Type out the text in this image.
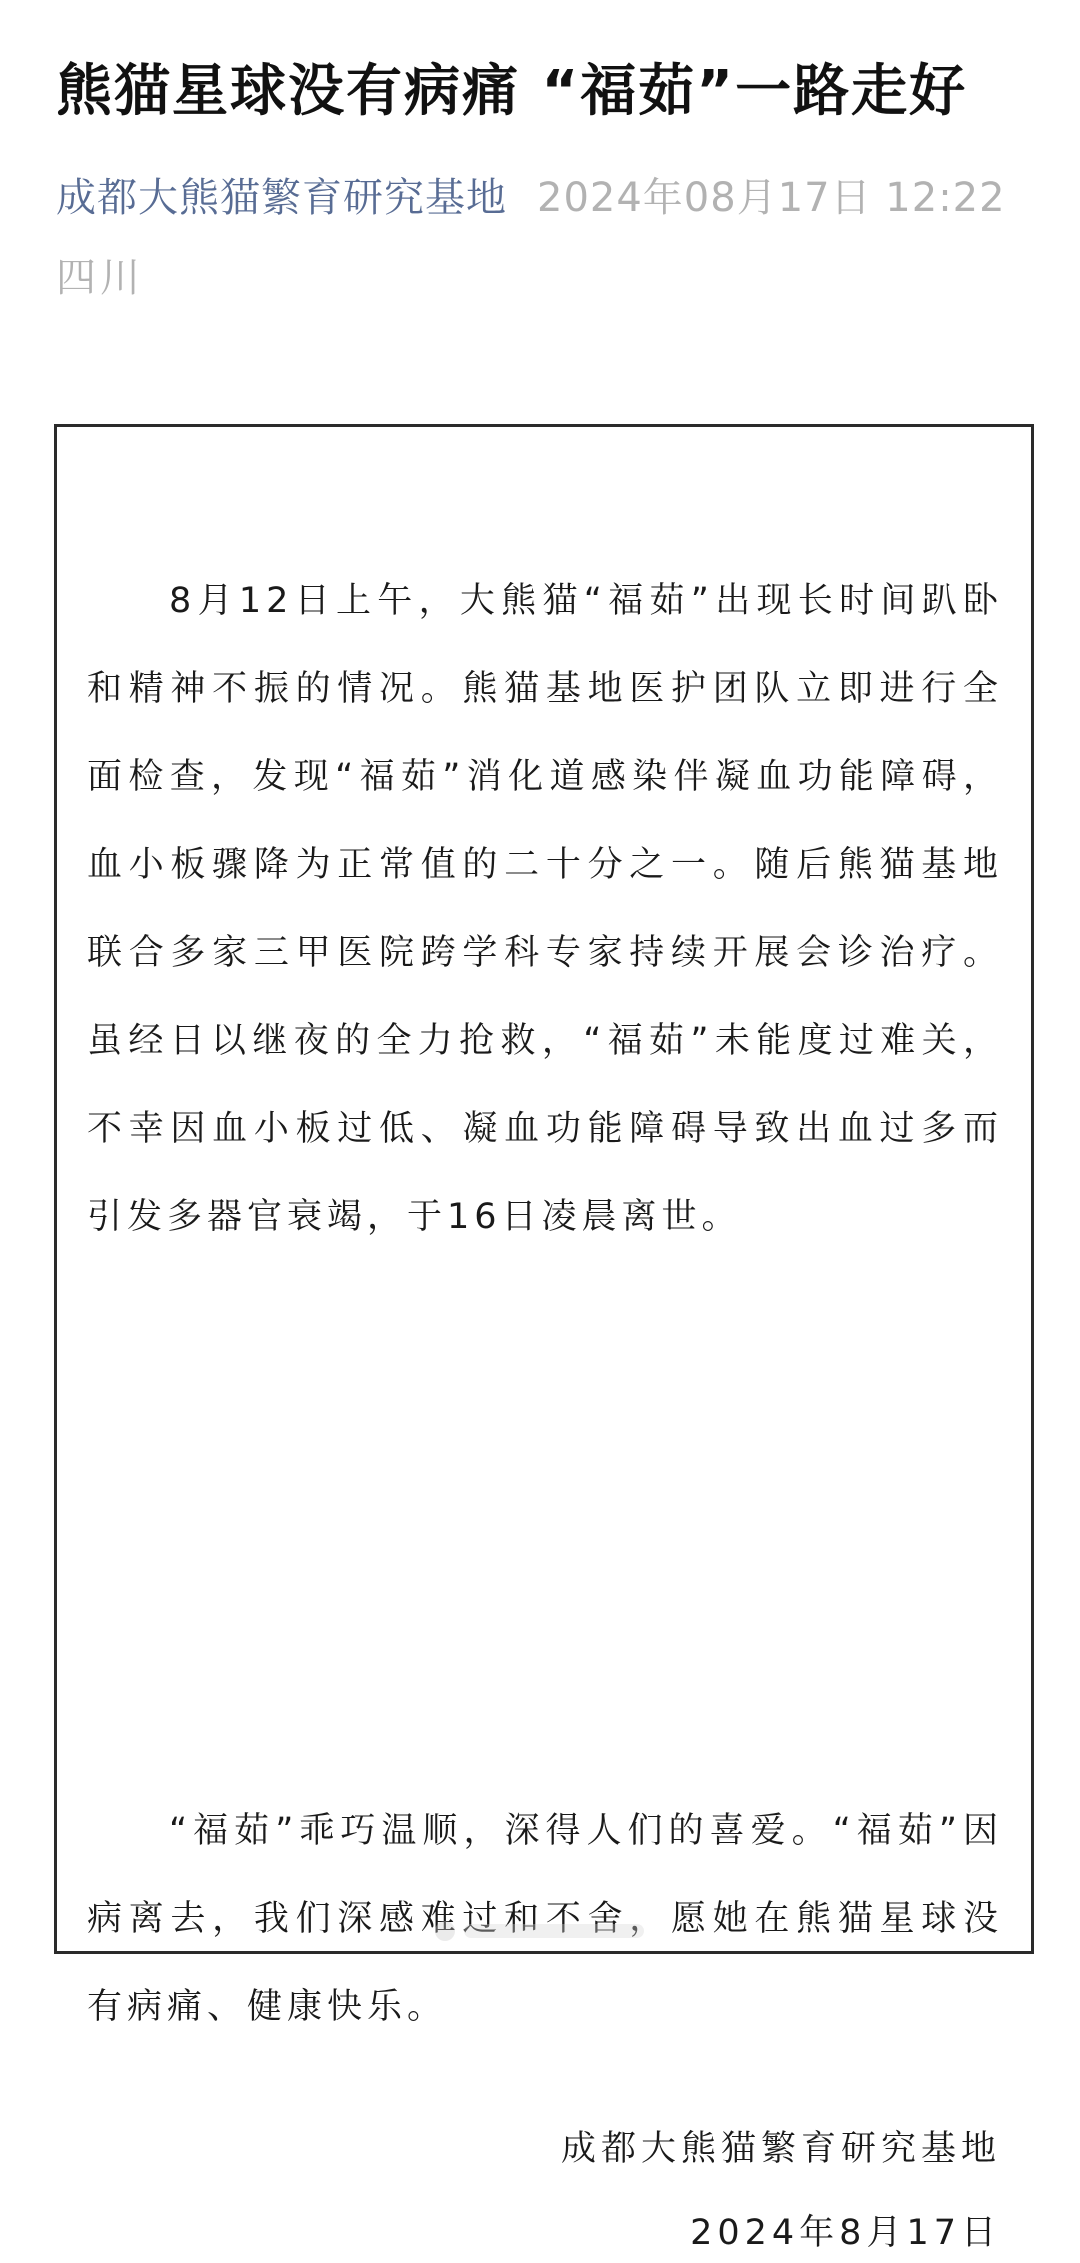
熊猫星球没有病痛 “福茹”一路走好
成都大熊猫繁育研究基地 2024年08月17日 12:22
四川

8月12日上午，大熊猫“福茹”出现长时间趴卧和精神不振的情况。熊猫基地医护团队立即进行全面检查，发现“福茹”消化道感染伴凝血功能障碍，血小板骤降为正常值的二十分之一。随后熊猫基地联合多家三甲医院跨学科专家持续开展会诊治疗。虽经日以继夜的全力抢救，“福茹”未能度过难关，不幸因血小板过低、凝血功能障碍导致出血过多而引发多器官衰竭，于16日凌晨离世。

“福茹”乖巧温顺，深得人们的喜爱。“福茹”因病离去，我们深感难过和不舍，愿她在熊猫星球没有病痛、健康快乐。

成都大熊猫繁育研究基地
2024年8月17日
